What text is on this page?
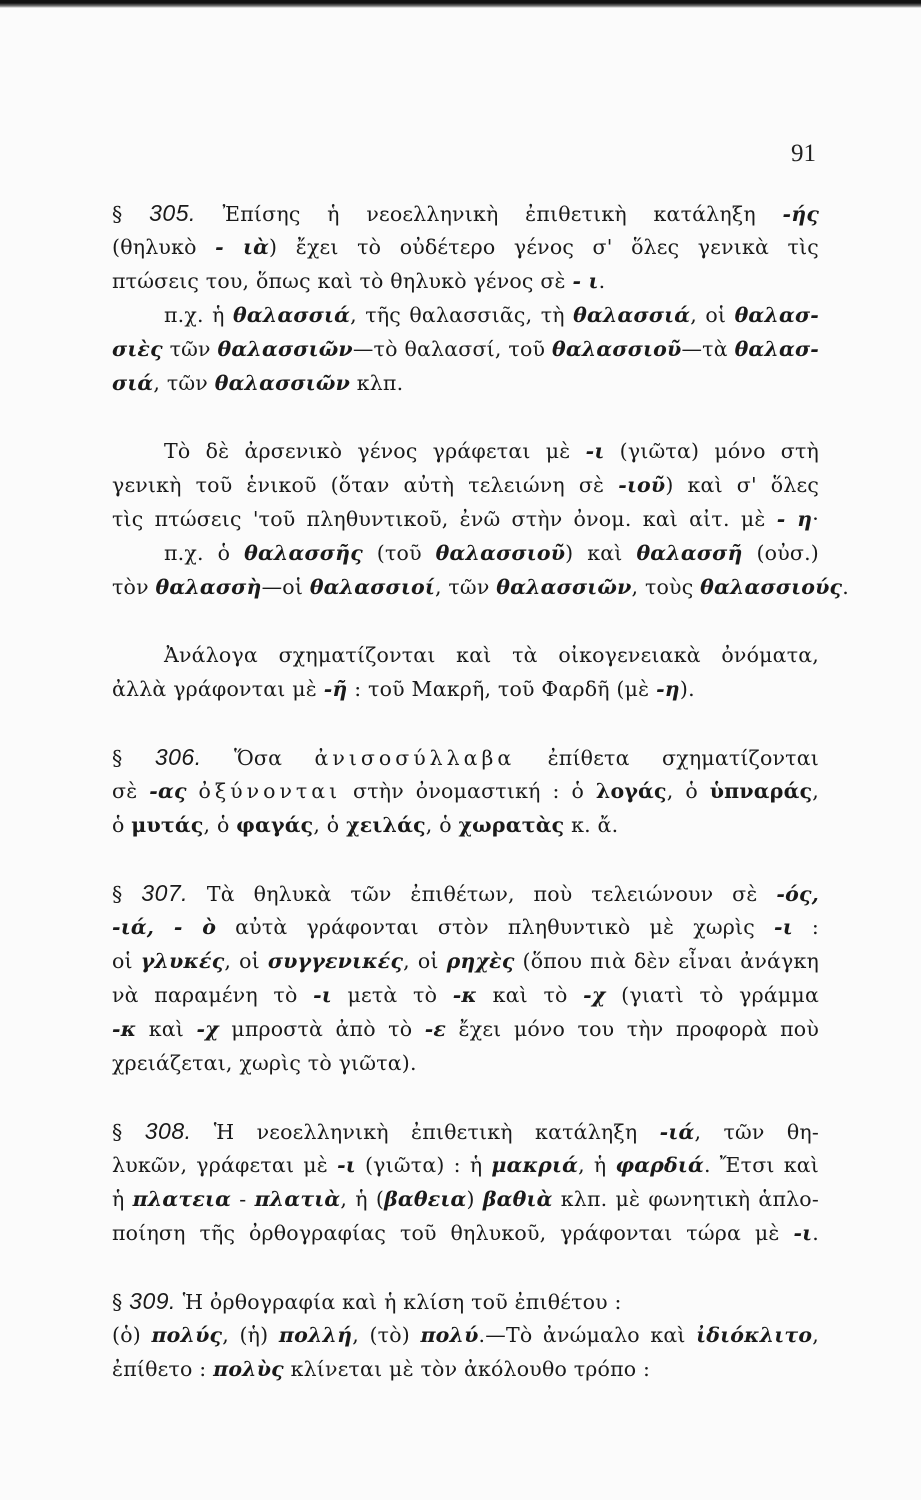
91
§ 305. Ἐπίσης ἡ νεοελληνικὴ ἐπιθετικὴ κατάληξη -ής
(θηλυκὸ - ιὰ) ἔχει τὸ οὐδέτερο γένος σ' ὅλες γενικὰ τὶς
πτώσεις του, ὅπως καὶ τὸ θηλυκὸ γένος σὲ - ι.
π.χ. ἡ θαλασσιά, τῆς θαλασσιᾶς, τὴ θαλασσιά, οἱ θαλασ-
σιὲς τῶν θαλασσιῶν—τὸ θαλασσί, τοῦ θαλασσιοῦ—τὰ θαλασ-
σιά, τῶν θαλασσιῶν κλπ.
Τὸ δὲ ἀρσενικὸ γένος γράφεται μὲ -ι (γιῶτα) μόνο στὴ
γενικὴ τοῦ ἑνικοῦ (ὅταν αὐτὴ τελειώνη σὲ -ιοῦ) καὶ σ' ὅλες
τὶς πτώσεις 'τοῦ πληθυντικοῦ, ἐνῶ στὴν ὀνομ. καὶ αἰτ. μὲ - η·
π.χ. ὁ θαλασσῆς (τοῦ θαλασσιοῦ) καὶ θαλασσῆ (οὐσ.)
τὸν θαλασσὴ—οἱ θαλασσιοί, τῶν θαλασσιῶν, τοὺς θαλασσιούς.
Ἀνάλογα σχηματίζονται καὶ τὰ οἰκογενειακὰ ὀνόματα,
ἀλλὰ γράφονται μὲ -ῆ : τοῦ Μακρῆ, τοῦ Φαρδῆ (μὲ -η).
§ 306. Ὅσα ἀνισοσύλλαβα ἐπίθετα σχηματίζονται
σὲ -ας ὀξύνονται στὴν ὀνομαστική : ὁ λογάς, ὁ ὑπναράς,
ὁ μυτάς, ὁ φαγάς, ὁ χειλάς, ὁ χωρατὰς κ. ἄ.
§ 307. Τὰ θηλυκὰ τῶν ἐπιθέτων, ποὺ τελειώνουν σὲ -ός,
-ιά, - ὸ αὐτὰ γράφονται στὸν πληθυντικὸ μὲ χωρὶς -ι :
οἱ γλυκές, οἱ συγγενικές, οἱ ρηχὲς (ὅπου πιὰ δὲν εἶναι ἀνάγκη
νὰ παραμένη τὸ -ι μετὰ τὸ -κ καὶ τὸ -χ (γιατὶ τὸ γράμμα
-κ καὶ -χ μπροστὰ ἀπὸ τὸ -ε ἔχει μόνο του τὴν προφορὰ ποὺ
χρειάζεται, χωρὶς τὸ γιῶτα).
§ 308. Ἡ νεοελληνικὴ ἐπιθετικὴ κατάληξη -ιά, τῶν θη-
λυκῶν, γράφεται μὲ -ι (γιῶτα) : ἡ μακριά, ἡ φαρδιά. Ἔτσι καὶ
ἡ πλατεια - πλατιὰ, ἡ (βαθεια) βαθιὰ κλπ. μὲ φωνητικὴ ἁπλο-
ποίηση τῆς ὀρθογραφίας τοῦ θηλυκοῦ, γράφονται τώρα μὲ -ι.
§ 309. Ἡ ὀρθογραφία καὶ ἡ κλίση τοῦ ἐπιθέτου :
(ὁ) πολύς, (ἡ) πολλή, (τὸ) πολύ.—Τὸ ἀνώμαλο καὶ ἰδιόκλιτο,
ἐπίθετο : πολὺς κλίνεται μὲ τὸν ἀκόλουθο τρόπο :
